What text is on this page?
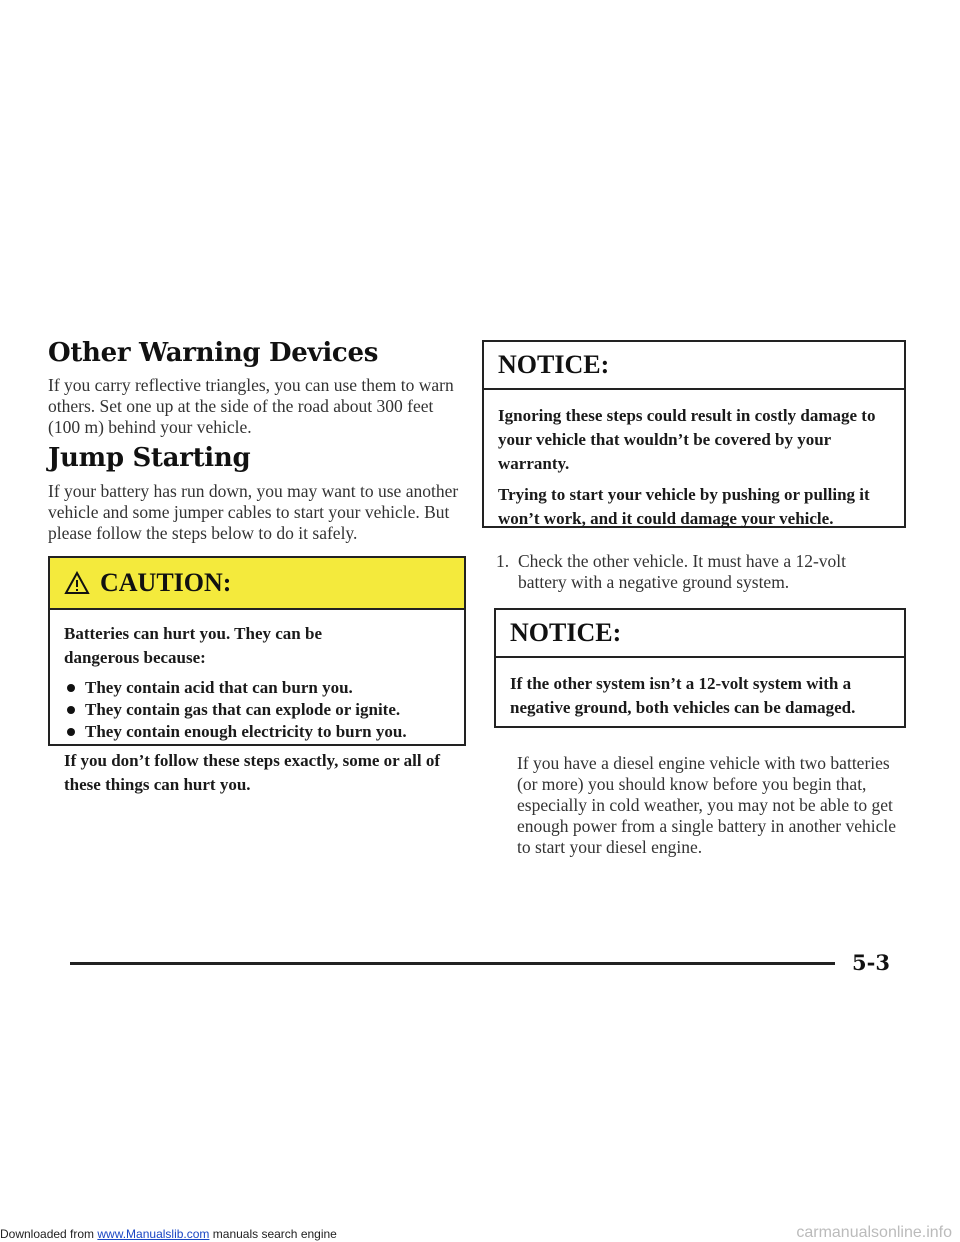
Other Warning Devices

If you carry reflective triangles, you can use them to warn others. Set one up at the side of the road about 300 feet (100 m) behind your vehicle.

Jump Starting

If your battery has run down, you may want to use another vehicle and some jumper cables to start your vehicle. But please follow the steps below to do it safely.

CAUTION:

Batteries can hurt you. They can be dangerous because:

They contain acid that can burn you.
They contain gas that can explode or ignite.
They contain enough electricity to burn you.

If you don’t follow these steps exactly, some or all of these things can hurt you.

NOTICE:

Ignoring these steps could result in costly damage to your vehicle that wouldn’t be covered by your warranty.

Trying to start your vehicle by pushing or pulling it won’t work, and it could damage your vehicle.

1. Check the other vehicle. It must have a 12-volt battery with a negative ground system.
NOTICE:

If the other system isn’t a 12-volt system with a negative ground, both vehicles can be damaged.

If you have a diesel engine vehicle with two batteries (or more) you should know before you begin that, especially in cold weather, you may not be able to get enough power from a single battery in another vehicle to start your diesel engine.

5-3
Downloaded from www.Manualslib.com manuals search engine	carmanualsonline.info
